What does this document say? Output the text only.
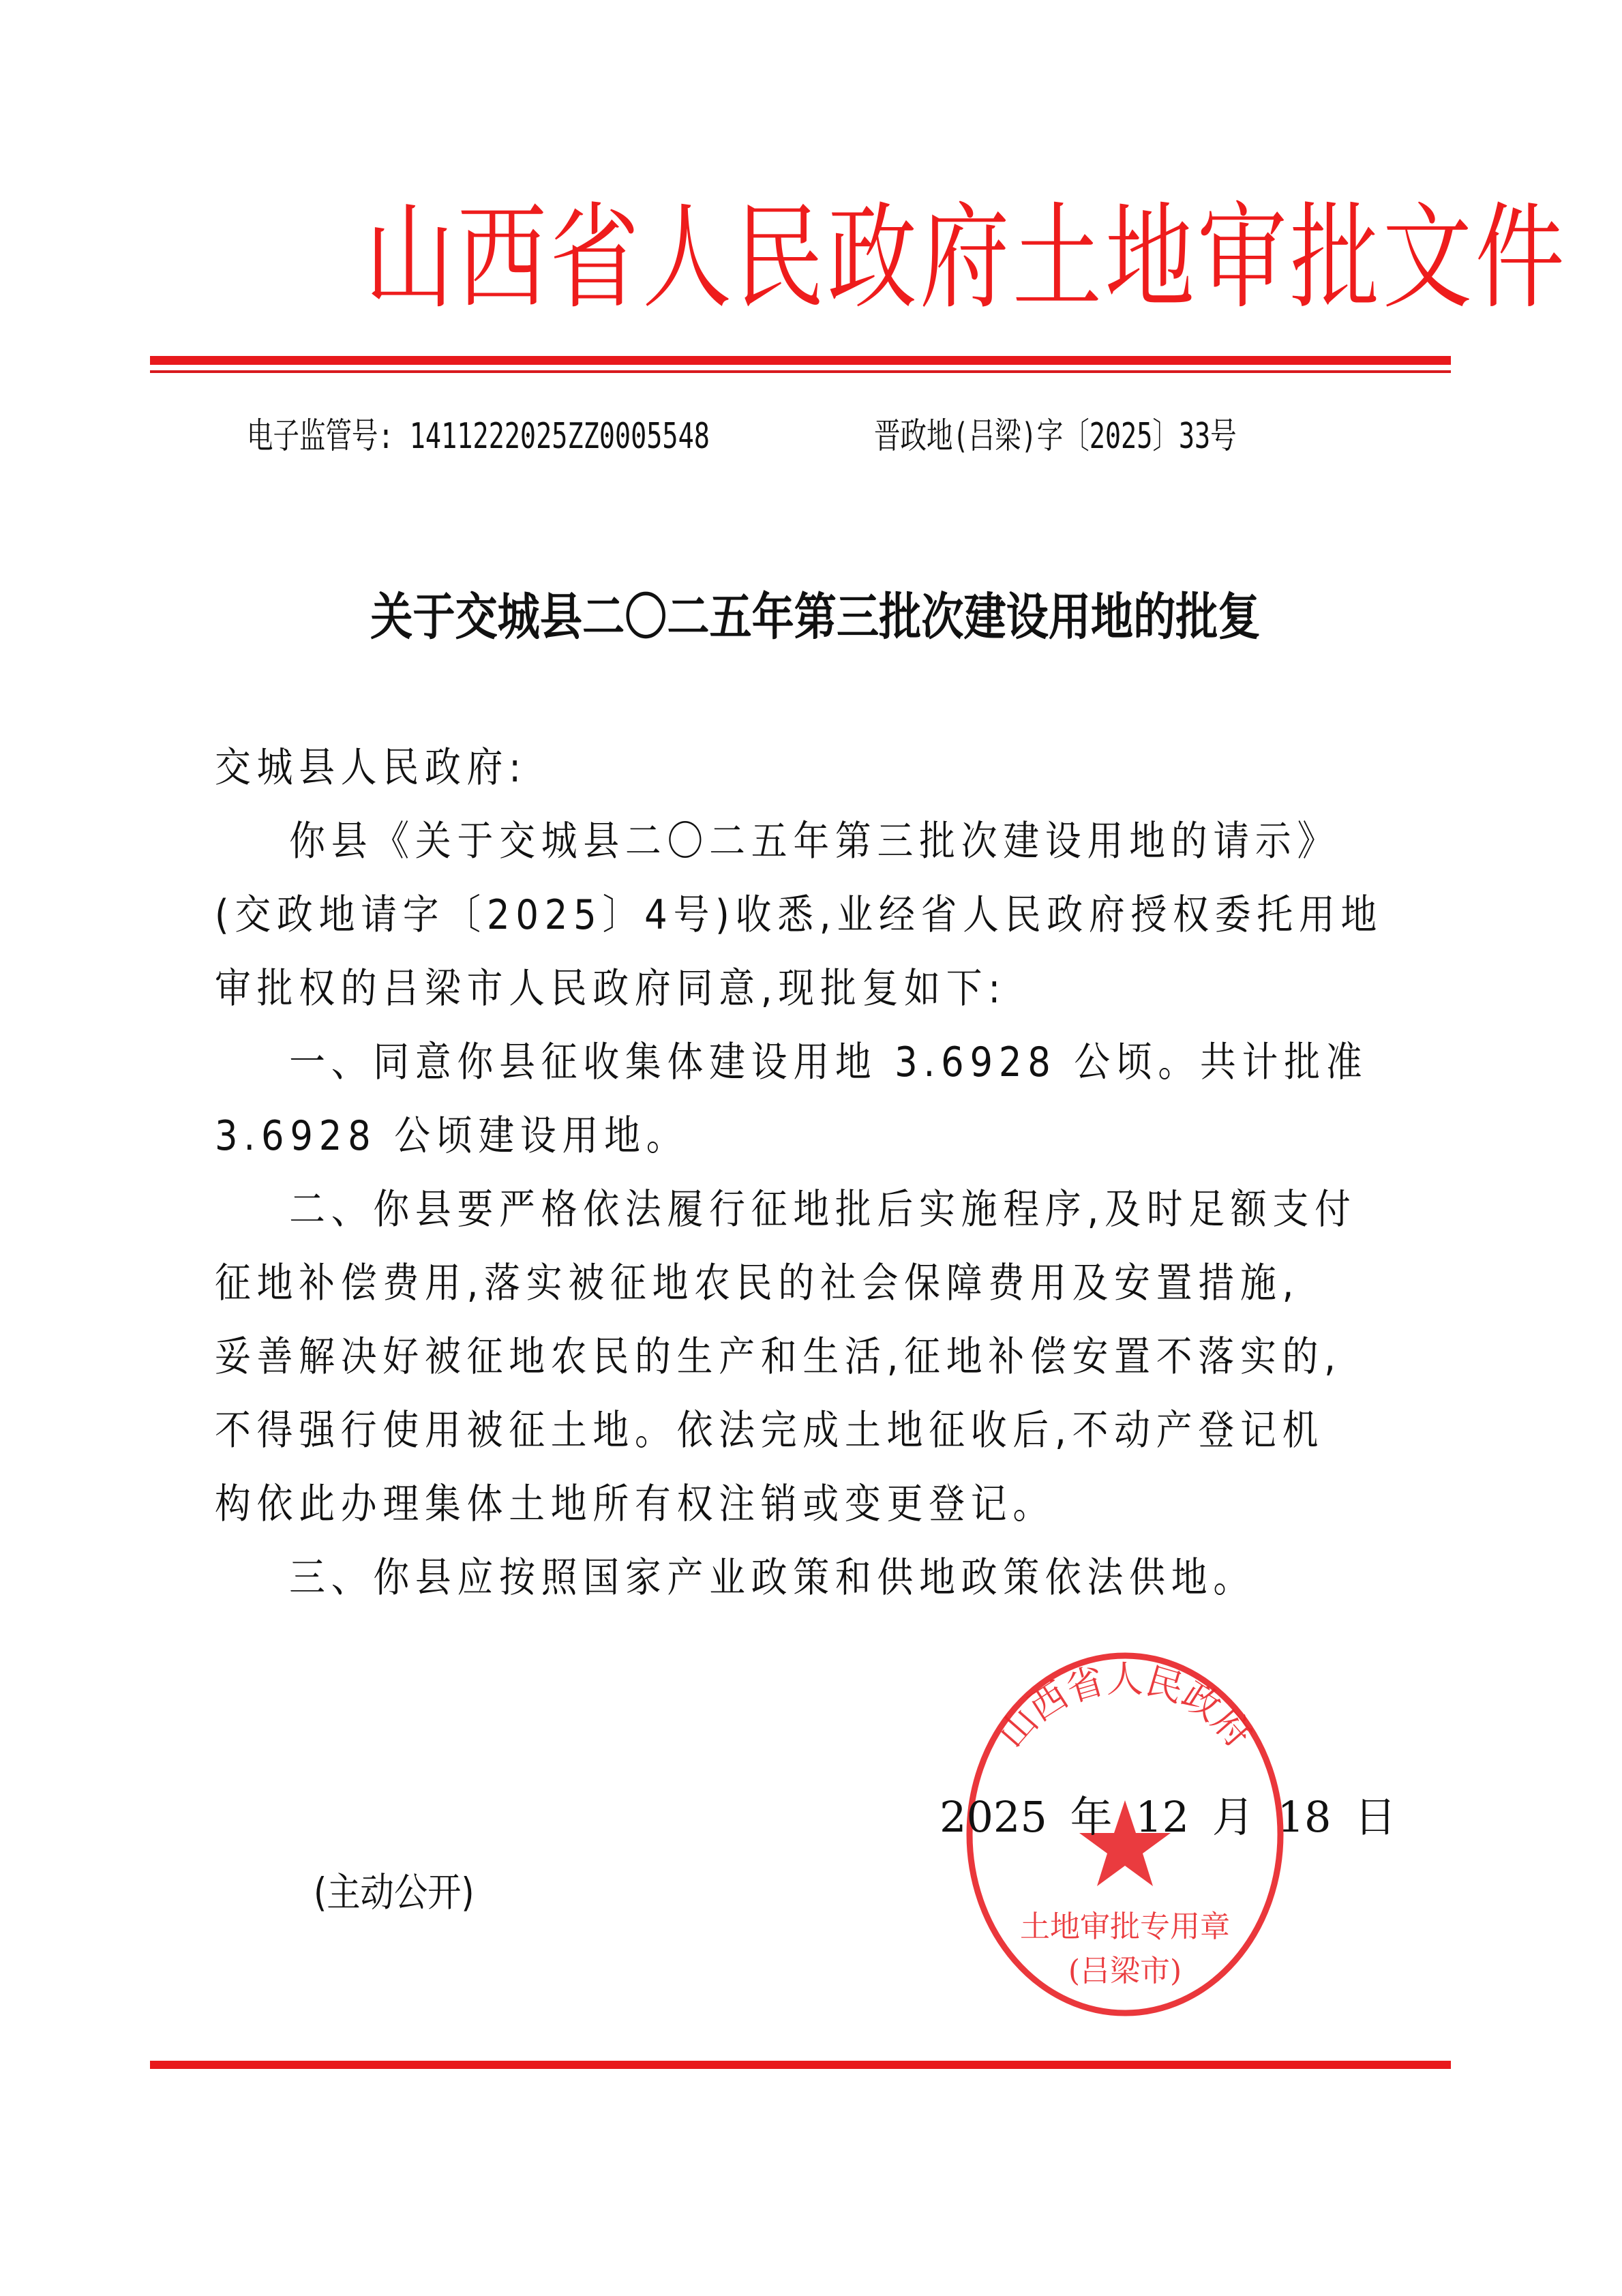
山西省人民政府土地审批文件
电子监管号: 1411222025ZZ0005548	晋政地(吕梁)字〔2025〕33号
关于交城县二〇二五年第三批次建设用地的批复
交城县人民政府:
你县《关于交城县二〇二五年第三批次建设用地的请示》
(交政地请字〔2025〕4号)收悉,业经省人民政府授权委托用地
审批权的吕梁市人民政府同意,现批复如下:
一、同意你县征收集体建设用地 3.6928 公顷。共计批准
3.6928 公顷建设用地。
二、你县要严格依法履行征地批后实施程序,及时足额支付
征地补偿费用,落实被征地农民的社会保障费用及安置措施,
妥善解决好被征地农民的生产和生活,征地补偿安置不落实的,
不得强行使用被征土地。依法完成土地征收后,不动产登记机
构依此办理集体土地所有权注销或变更登记。
三、你县应按照国家产业政策和供地政策依法供地。
山西省人民政府
土地审批专用章
(吕梁市)
2025 年 12 月 18 日
(主动公开)
